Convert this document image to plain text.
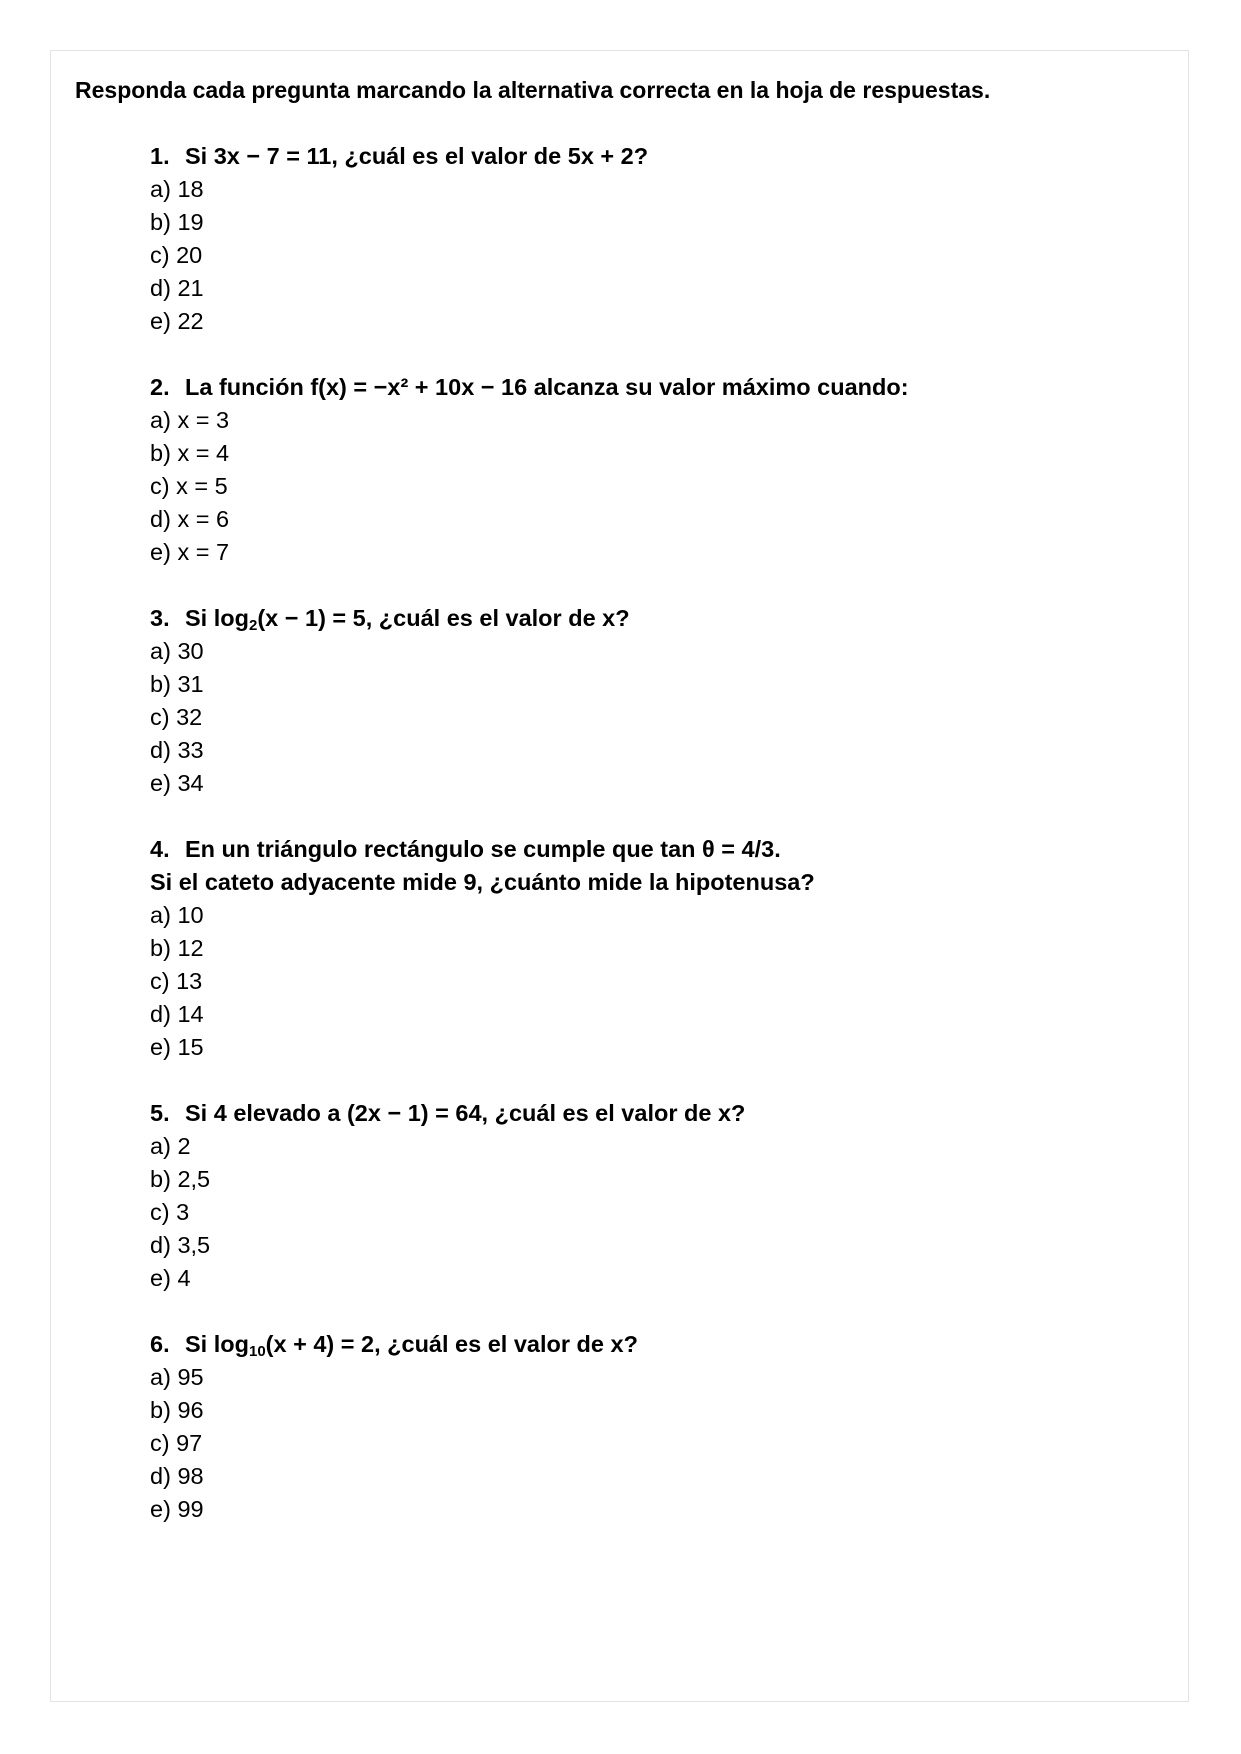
Responda cada pregunta marcando la alternativa correcta en la hoja de respuestas.
1. Si 3x − 7 = 11, ¿cuál es el valor de 5x + 2?
a) 18
b) 19
c) 20
d) 21
e) 22
2. La función f(x) = −x² + 10x − 16 alcanza su valor máximo cuando:
a) x = 3
b) x = 4
c) x = 5
d) x = 6
e) x = 7
3. Si $\log_2(x - 1) = 5$, ¿cuál es el valor de x?
a) 30
b) 31
c) 32
d) 33
e) 34
4. En un triángulo rectángulo se cumple que tan θ = 4/3.
Si el cateto adyacente mide 9, ¿cuánto mide la hipotenusa?
a) 10
b) 12
c) 13
d) 14
e) 15
5. Si 4 elevado a (2x − 1) = 64, ¿cuál es el valor de x?
a) 2
b) 2,5
c) 3
d) 3,5
e) 4
6. Si $\log_{10}(x + 4) = 2$, ¿cuál es el valor de x?
a) 95
b) 96
c) 97
d) 98
e) 99
